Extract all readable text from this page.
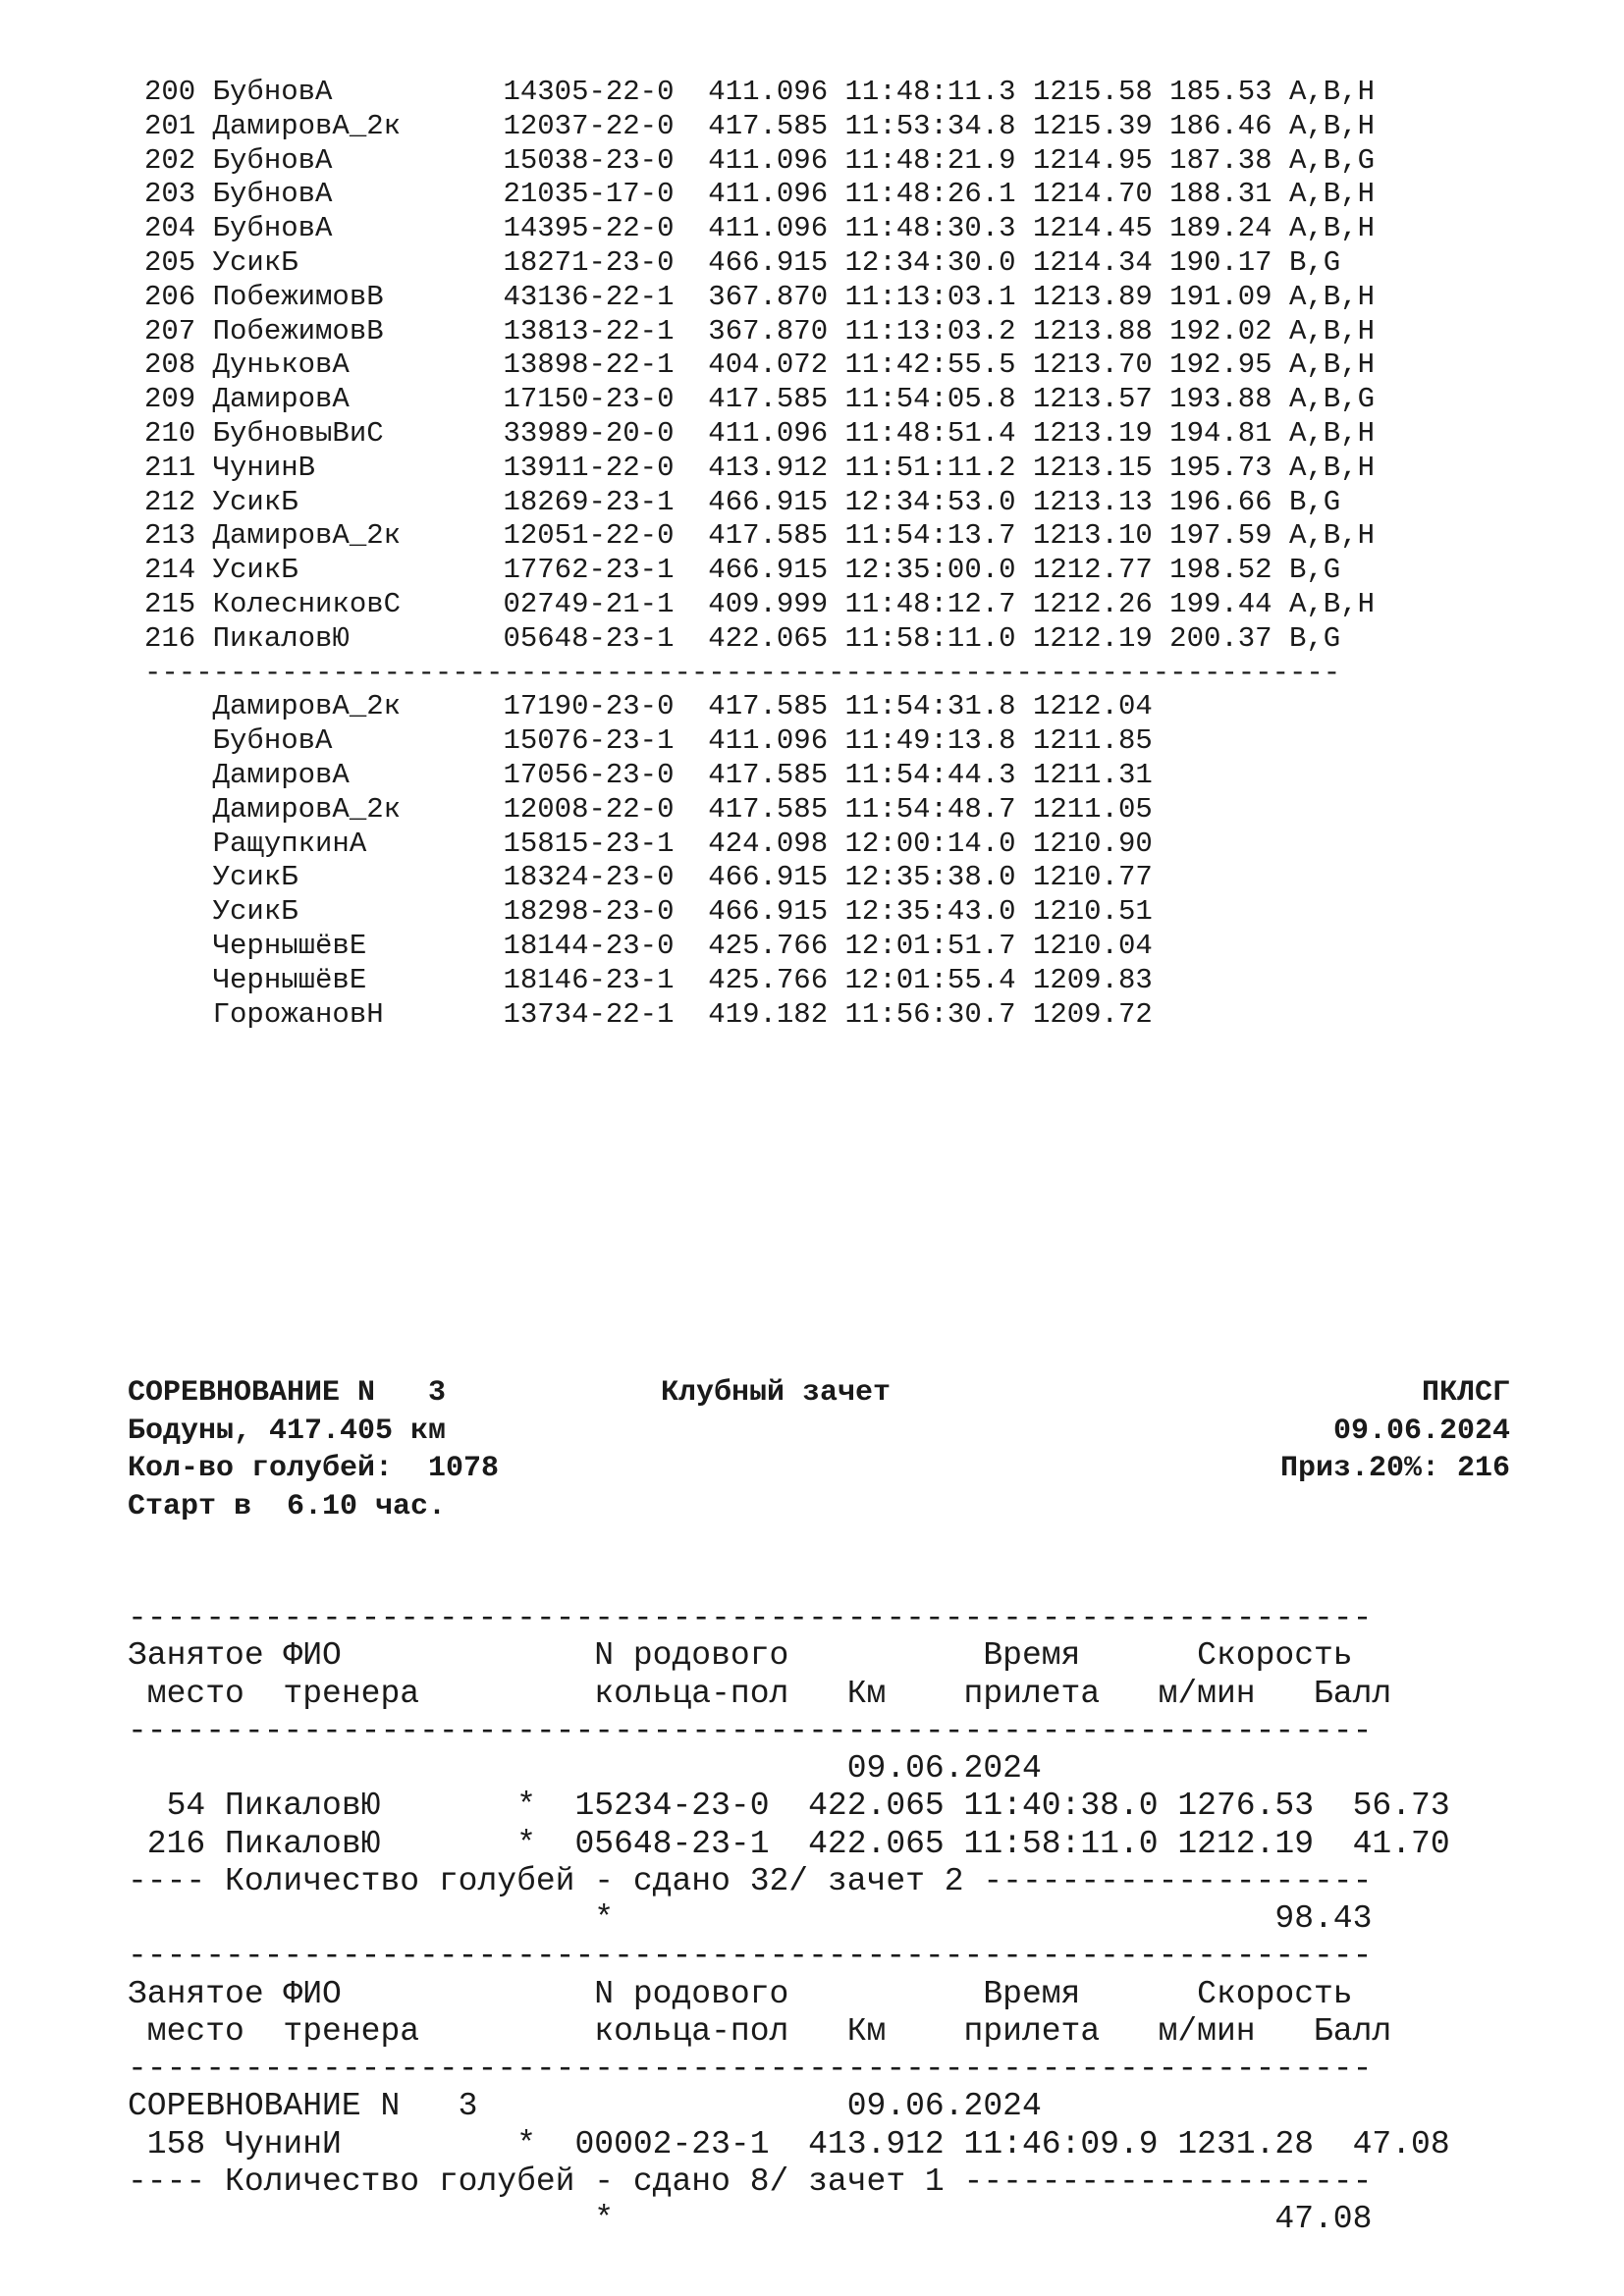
200 БубновА          14305-22-0  411.096 11:48:11.3 1215.58 185.53 A,B,H
201 ДамировА_2к      12037-22-0  417.585 11:53:34.8 1215.39 186.46 A,B,H
202 БубновА          15038-23-0  411.096 11:48:21.9 1214.95 187.38 A,B,G
203 БубновА          21035-17-0  411.096 11:48:26.1 1214.70 188.31 A,B,H
204 БубновА          14395-22-0  411.096 11:48:30.3 1214.45 189.24 A,B,H
205 УсикБ            18271-23-0  466.915 12:34:30.0 1214.34 190.17 B,G
206 ПобежимовВ       43136-22-1  367.870 11:13:03.1 1213.89 191.09 A,B,H
207 ПобежимовВ       13813-22-1  367.870 11:13:03.2 1213.88 192.02 A,B,H
208 ДуньковА         13898-22-1  404.072 11:42:55.5 1213.70 192.95 A,B,H
209 ДамировА         17150-23-0  417.585 11:54:05.8 1213.57 193.88 A,B,G
210 БубновыВиС       33989-20-0  411.096 11:48:51.4 1213.19 194.81 A,B,H
211 ЧунинВ           13911-22-0  413.912 11:51:11.2 1213.15 195.73 A,B,H
212 УсикБ            18269-23-1  466.915 12:34:53.0 1213.13 196.66 B,G
213 ДамировА_2к      12051-22-0  417.585 11:54:13.7 1213.10 197.59 A,B,H
214 УсикБ            17762-23-1  466.915 12:35:00.0 1212.77 198.52 B,G
215 КолесниковС      02749-21-1  409.999 11:48:12.7 1212.26 199.44 A,B,H
216 ПикаловЮ         05648-23-1  422.065 11:58:11.0 1212.19 200.37 B,G
----------------------------------------------------------------------
ДамировА_2к      17190-23-0  417.585 11:54:31.8 1212.04
БубновА          15076-23-1  411.096 11:49:13.8 1211.85
ДамировА         17056-23-0  417.585 11:54:44.3 1211.31
ДамировА_2к      12008-22-0  417.585 11:54:48.7 1211.05
РащупкинА        15815-23-1  424.098 12:00:14.0 1210.90
УсикБ            18324-23-0  466.915 12:35:38.0 1210.77
УсикБ            18298-23-0  466.915 12:35:43.0 1210.51
ЧернышёвЕ        18144-23-0  425.766 12:01:51.7 1210.04
ЧернышёвЕ        18146-23-1  425.766 12:01:55.4 1209.83
ГорожановН       13734-22-1  419.182 11:56:30.7 1209.72

СОРЕВНОВАНИЕ N   3

	Клубный зачет

	ПКЛСГ

Бодуны, 417.405 км

	09.06.2024

Кол-во голубей:  1078

	Приз.20%: 216

Старт в  6.10 час.

----------------------------------------------------------------
Занятое ФИО             N родового          Время      Скорость
место  тренера         кольца-пол   Км    прилета   м/мин   Балл
----------------------------------------------------------------
09.06.2024
54 ПикаловЮ       *  15234-23-0  422.065 11:40:38.0 1276.53  56.73
216 ПикаловЮ       *  05648-23-1  422.065 11:58:11.0 1212.19  41.70
---- Количество голубей - сдано 32/ зачет 2 --------------------
*                                  98.43
----------------------------------------------------------------
Занятое ФИО             N родового          Время      Скорость
место  тренера         кольца-пол   Км    прилета   м/мин   Балл
----------------------------------------------------------------
СОРЕВНОВАНИЕ N   3                   09.06.2024
158 ЧунинИ         *  00002-23-1  413.912 11:46:09.9 1231.28  47.08
---- Количество голубей - сдано 8/ зачет 1 ---------------------
*                                  47.08
